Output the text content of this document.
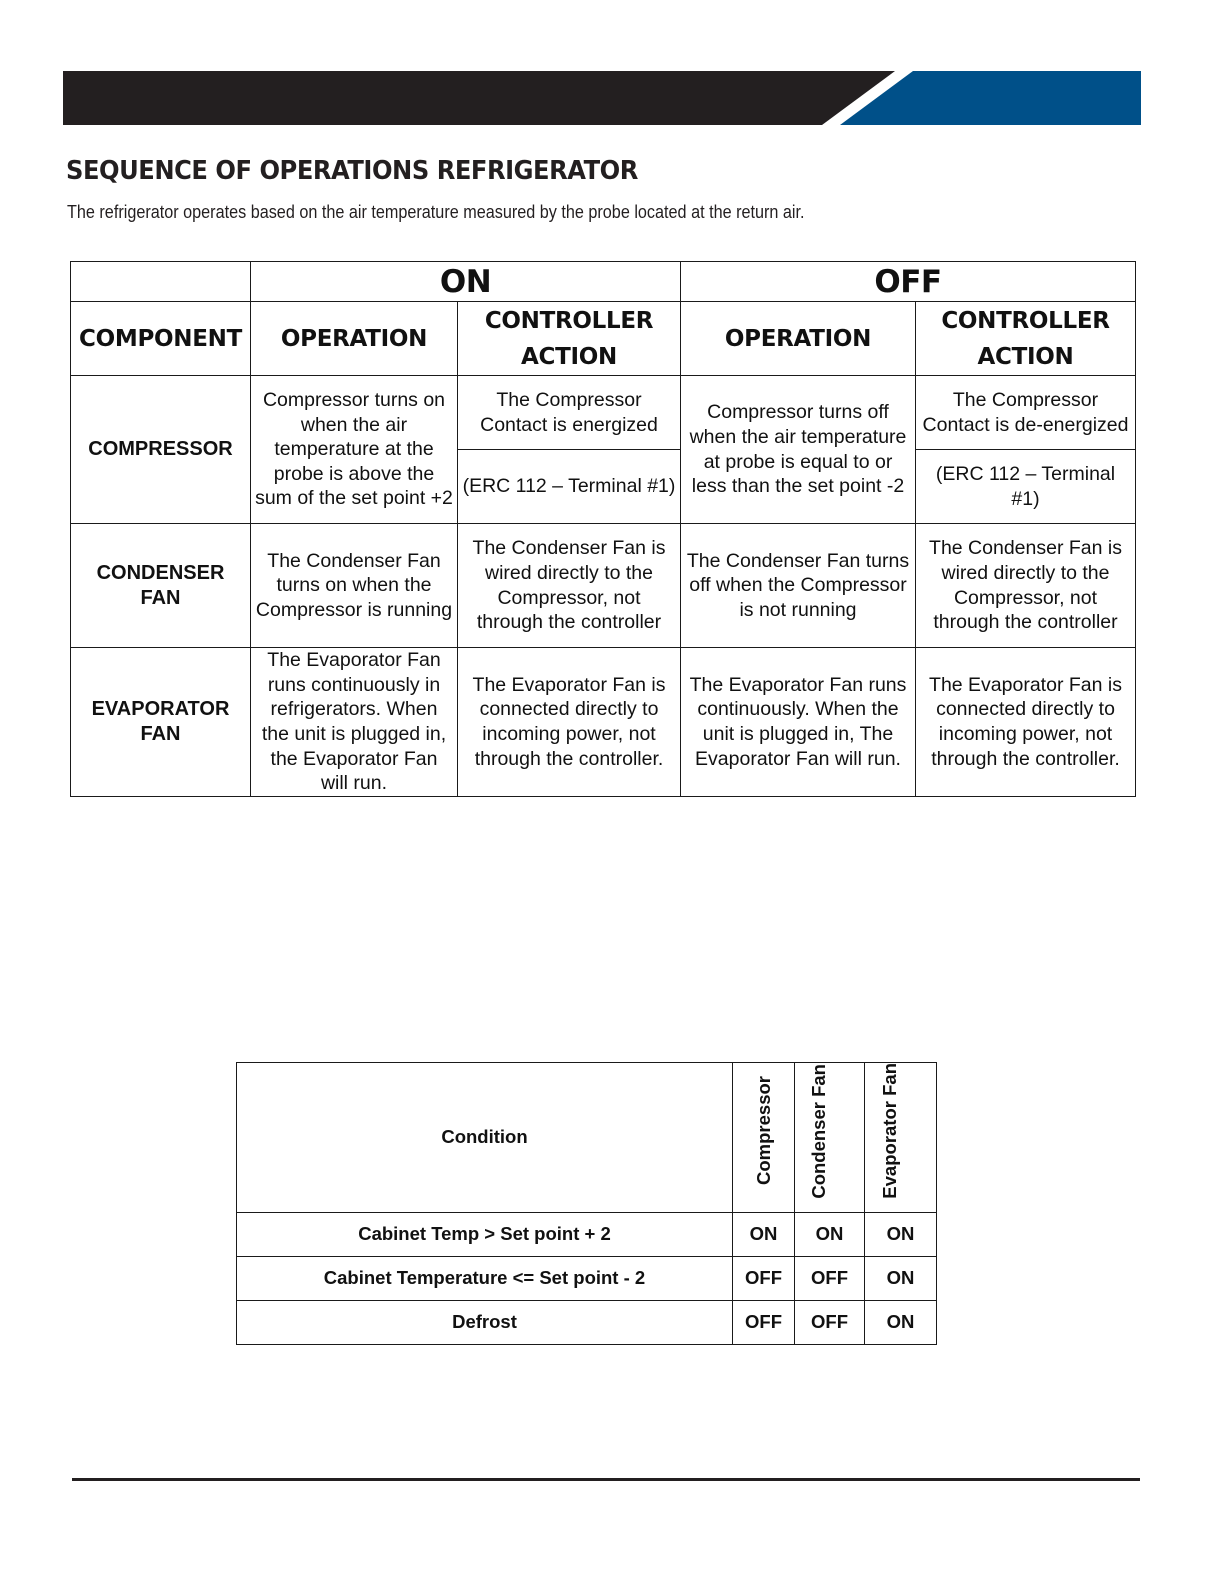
SEQUENCE OF OPERATIONS REFRIGERATOR
The refrigerator operates based on the air temperature measured by the probe located at the return air.
	ON		OFF	
COMPONENT	OPERATION	CONTROLLER ACTION	OPERATION	CONTROLLER ACTION
COMPRESSOR	Compressor turns on when the air temperature at the probe is above the sum of the set point +2	The Compressor Contact is energized	Compressor turns off when the air temperature at probe is equal to or less than the set point -2	The Compressor Contact is de-energized
		(ERC 112 – Terminal #1)		(ERC 112 – Terminal #1)
CONDENSER FAN	The Condenser Fan turns on when the Compressor is running	The Condenser Fan is wired directly to the Compressor, not through the controller	The Condenser Fan turns off when the Compressor is not running	The Condenser Fan is wired directly to the Compressor, not through the controller
EVAPORATOR FAN	The Evaporator Fan runs continuously in refrigerators. When the unit is plugged in, the Evaporator Fan will run.	The Evaporator Fan is connected directly to incoming power, not through the controller.	The Evaporator Fan runs continuously. When the unit is plugged in, The Evaporator Fan will run.	The Evaporator Fan is connected directly to incoming power, not through the controller.
Condition	Compressor	Condenser Fan	Evaporator Fan
Cabinet Temp > Set point + 2	ON	ON	ON
Cabinet Temperature <= Set point - 2	OFF	OFF	ON
Defrost	OFF	OFF	ON
